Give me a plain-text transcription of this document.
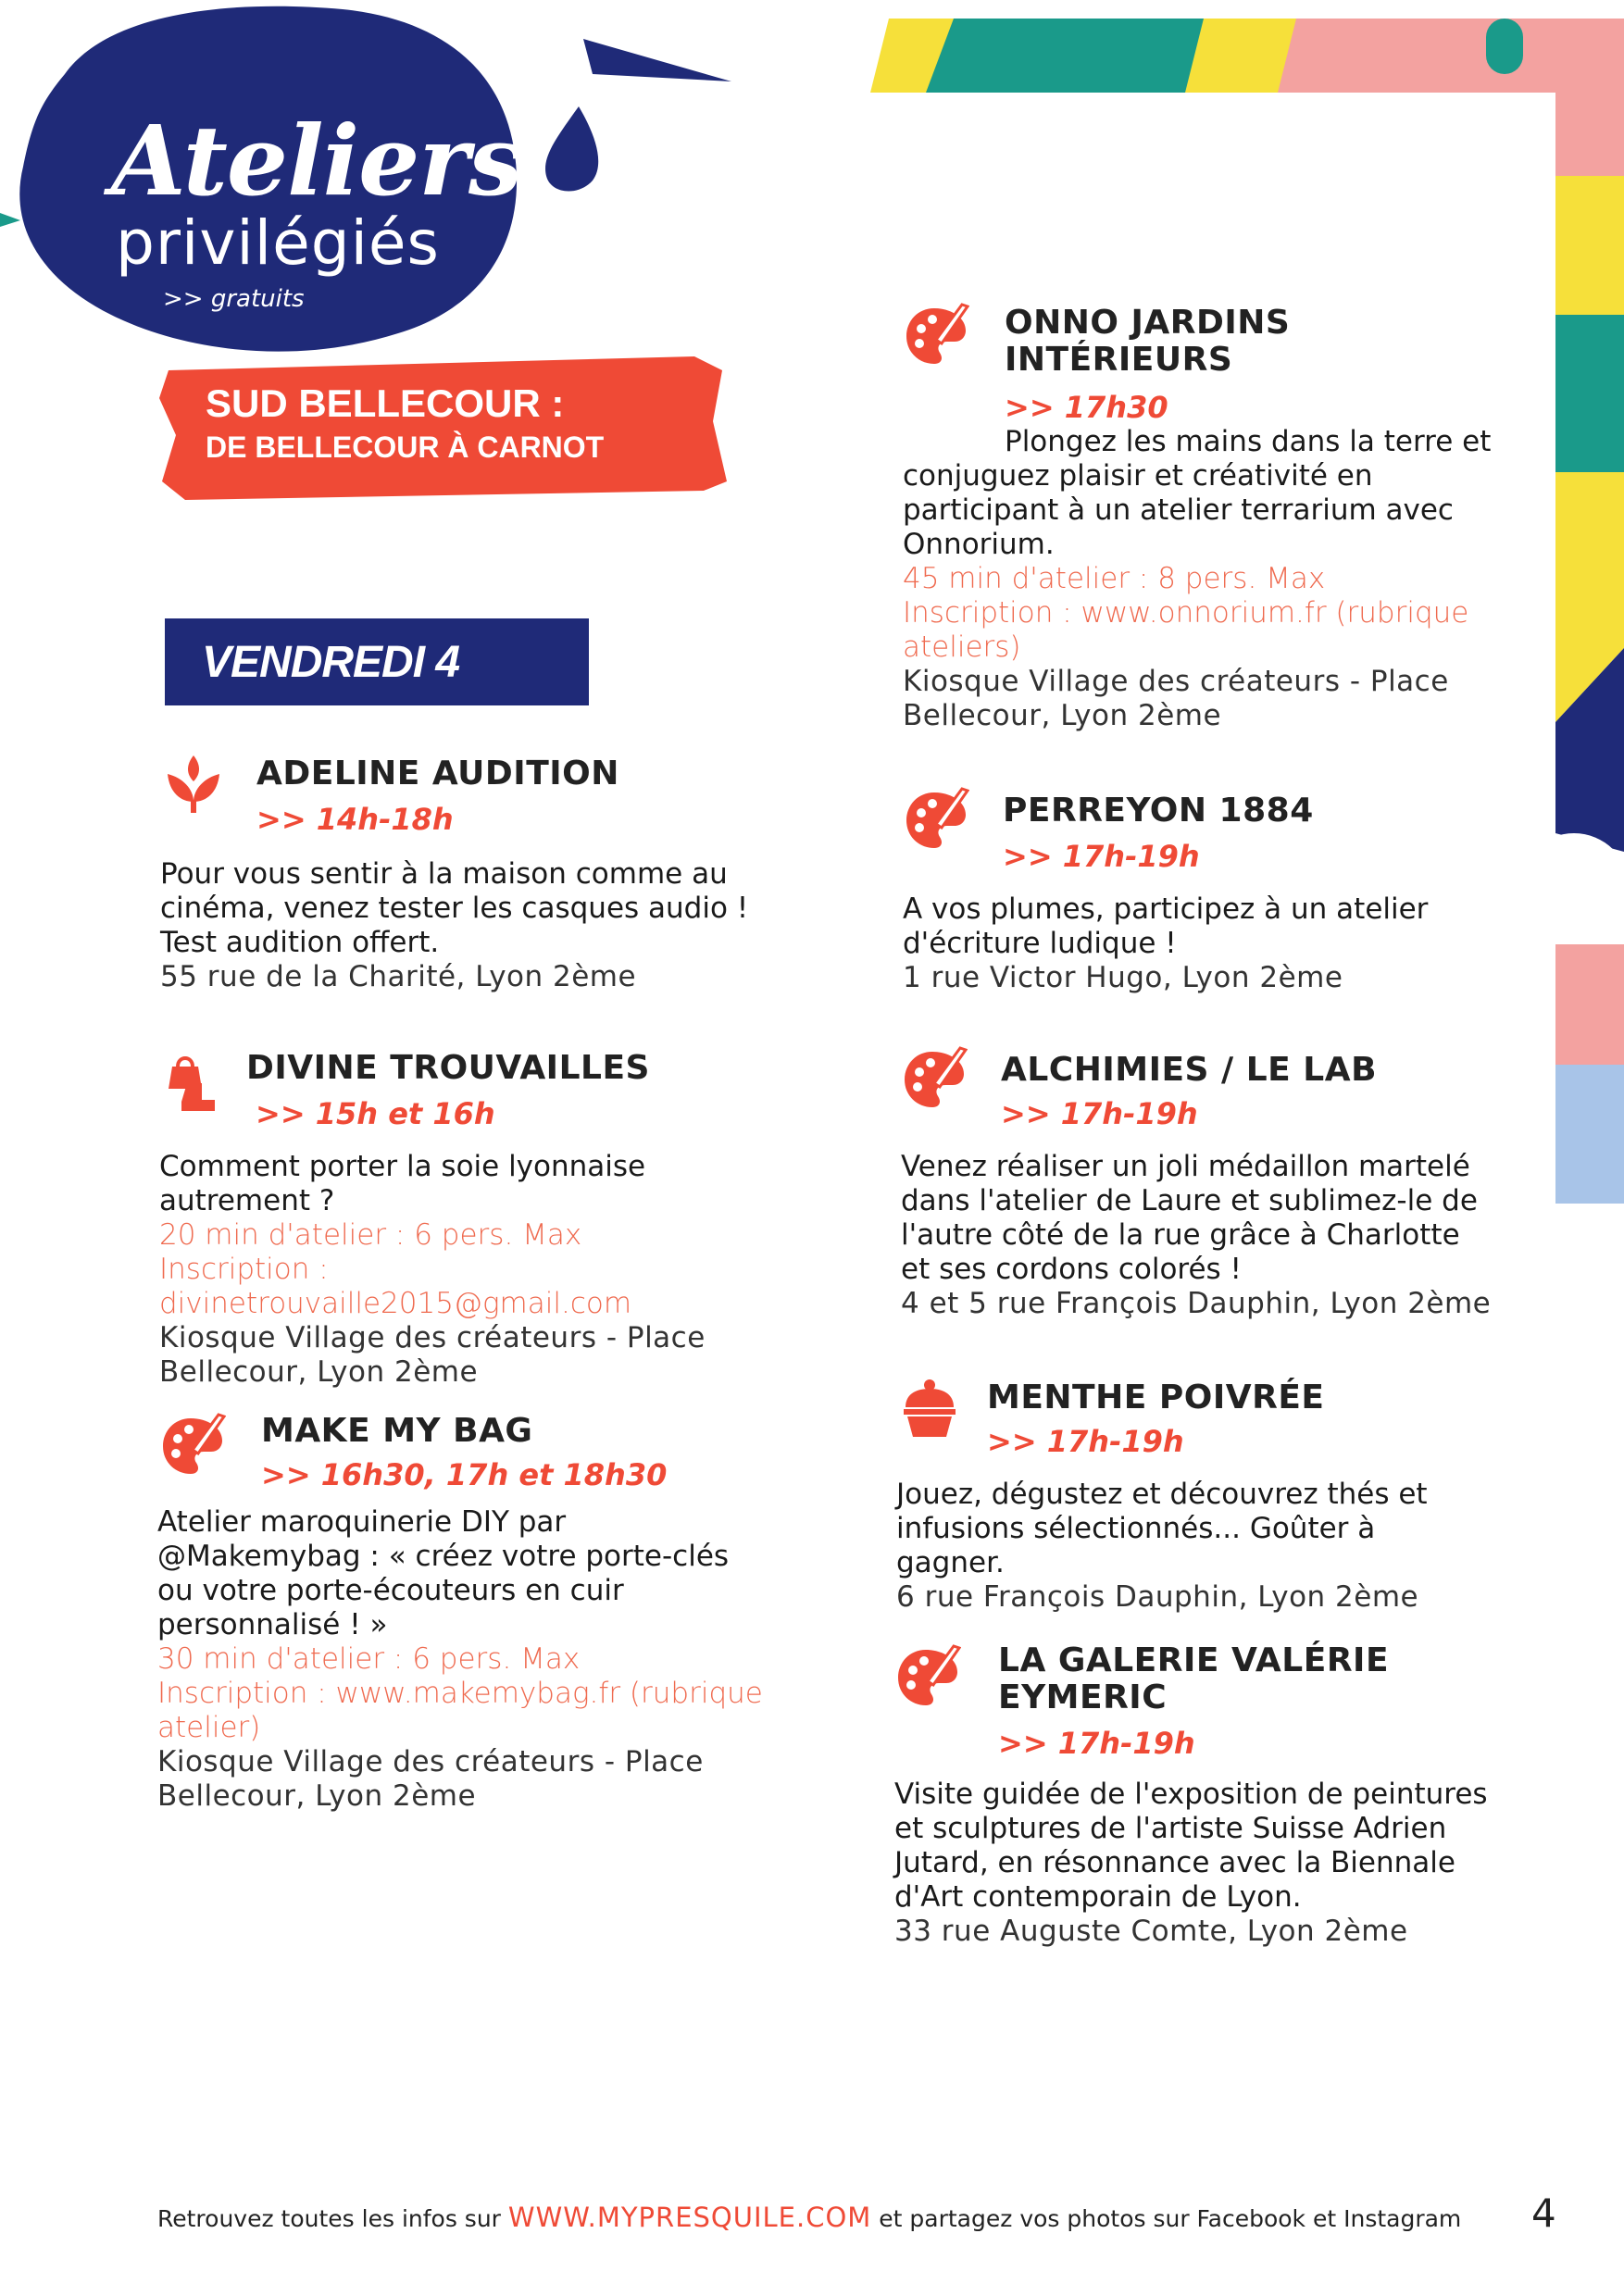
Ateliers
privilégiés
>> gratuits
SUD BELLECOUR :
DE BELLECOUR À CARNOT
VENDREDI 4
ADELINE AUDITION
>> 14h-18h

Pour vous sentir à la maison comme au cinéma, venez tester les casques audio ! Test audition offert.

55 rue de la Charité, Lyon 2ème

DIVINE TROUVAILLES
>> 15h et 16h

Comment porter la soie lyonnaise autrement ?

20 min d'atelier : 6 pers. Max

Inscription : divinetrouvaille2015@gmail.com

Kiosque Village des créateurs - Place Bellecour, Lyon 2ème

MAKE MY BAG
>> 16h30, 17h et 18h30

Atelier maroquinerie DIY par @Makemybag : « créez votre porte-clés ou votre porte-écouteurs en cuir personnalisé ! »

30 min d'atelier : 6 pers. Max

Inscription : www.makemybag.fr (rubrique atelier)

Kiosque Village des créateurs - Place Bellecour, Lyon 2ème

ONNO JARDINS INTÉRIEURS
>> 17h30

Plongez les mains dans la terre et conjuguez plaisir et créativité en participant à un atelier terrarium avec Onnorium.

45 min d'atelier : 8 pers. Max

Inscription : www.onnorium.fr (rubrique ateliers)

Kiosque Village des créateurs - Place Bellecour, Lyon 2ème

PERREYON 1884
>> 17h-19h

A vos plumes, participez à un atelier d'écriture ludique !

1 rue Victor Hugo, Lyon 2ème

ALCHIMIES / LE LAB
>> 17h-19h

Venez réaliser un joli médaillon martelé dans l'atelier de Laure et sublimez-le de l'autre côté de la rue grâce à Charlotte et ses cordons colorés !

4 et 5 rue François Dauphin, Lyon 2ème

MENTHE POIVRÉE
>> 17h-19h

Jouez, dégustez et découvrez thés et infusions sélectionnés... Goûter à gagner.

6 rue François Dauphin, Lyon 2ème

LA GALERIE VALÉRIE EYMERIC
>> 17h-19h

Visite guidée de l'exposition de peintures et sculptures de l'artiste Suisse Adrien Jutard, en résonnance avec la Biennale d'Art contemporain de Lyon.

33 rue Auguste Comte, Lyon 2ème

Retrouvez toutes les infos sur WWW.MYPRESQUILE.COM et partagez vos photos sur Facebook et Instagram 4
